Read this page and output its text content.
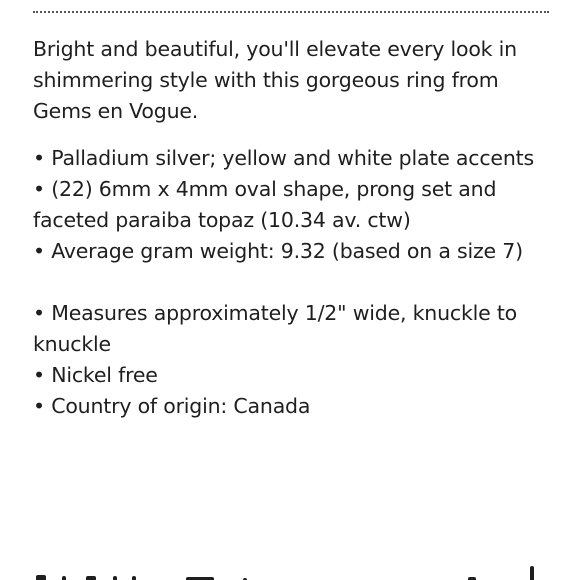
Bright and beautiful, you'll elevate every look in shimmering style with this gorgeous ring from Gems en Vogue.

• Palladium silver; yellow and white plate accents
• (22) 6mm x 4mm oval shape, prong set and faceted paraiba topaz (10.34 av. ctw)
• Average gram weight: 9.32 (based on a size 7)
• Measures approximately 1/2" wide, knuckle to knuckle
• Nickel free
• Country of origin: Canada
